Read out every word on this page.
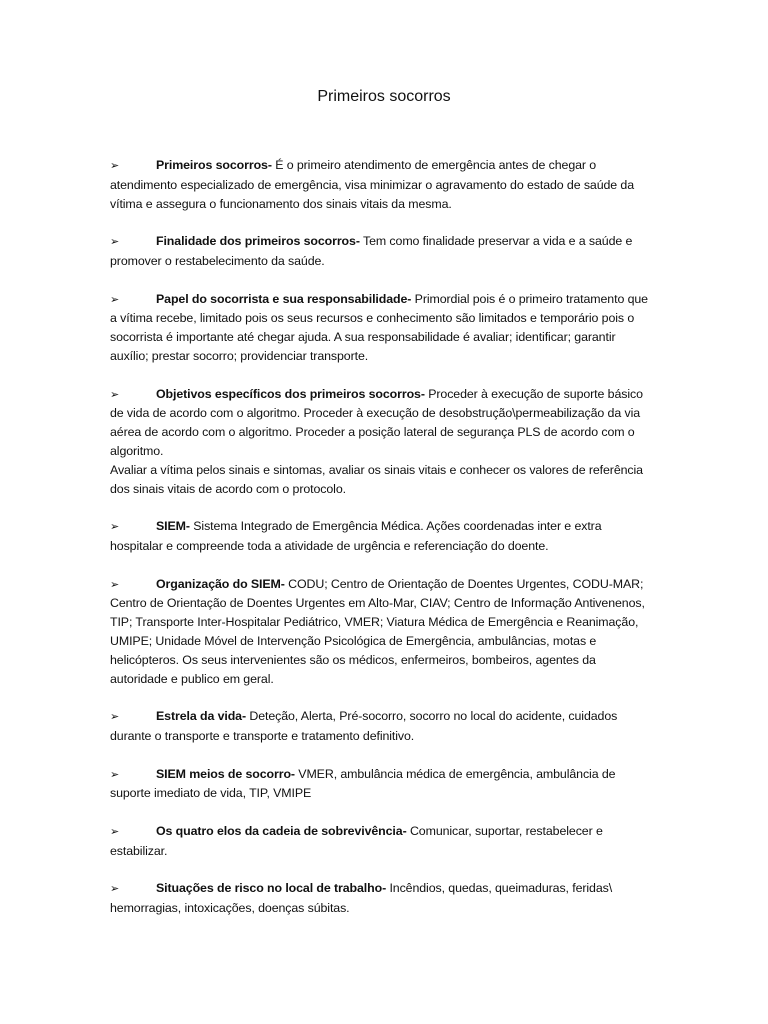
Primeiros socorros

➢	Primeiros socorros- É o primeiro atendimento de emergência antes de chegar o atendimento especializado de emergência, visa minimizar o agravamento do estado de saúde da vítima e assegura o funcionamento dos sinais vitais da mesma.

➢	Finalidade dos primeiros socorros- Tem como finalidade preservar a vida e a saúde e promover o restabelecimento da saúde.

➢	Papel do socorrista e sua responsabilidade- Primordial pois é o primeiro tratamento que a vítima recebe, limitado pois os seus recursos e conhecimento são limitados e temporário pois o socorrista é importante até chegar ajuda. A sua responsabilidade é avaliar; identificar; garantir auxílio; prestar socorro; providenciar transporte.

➢	Objetivos específicos dos primeiros socorros- Proceder à execução de suporte básico de vida de acordo com o algoritmo. Proceder à execução de desobstrução\permeabilização da via aérea de acordo com o algoritmo. Proceder a posição lateral de segurança PLS de acordo com o algoritmo.
Avaliar a vítima pelos sinais e sintomas, avaliar os sinais vitais e conhecer os valores de referência dos sinais vitais de acordo com o protocolo.

➢	SIEM- Sistema Integrado de Emergência Médica. Ações coordenadas inter e extra hospitalar e compreende toda a atividade de urgência e referenciação do doente.

➢	Organização do SIEM- CODU; Centro de Orientação de Doentes Urgentes, CODU-MAR; Centro de Orientação de Doentes Urgentes em Alto-Mar, CIAV; Centro de Informação Antivenenos, TIP; Transporte Inter-Hospitalar Pediátrico, VMER; Viatura Médica de Emergência e Reanimação, UMIPE; Unidade Móvel de Intervenção Psicológica de Emergência, ambulâncias, motas e helicópteros. Os seus intervenientes são os médicos, enfermeiros, bombeiros, agentes da autoridade e publico em geral.

➢	Estrela da vida- Deteção, Alerta, Pré-socorro, socorro no local do acidente, cuidados durante o transporte e transporte e tratamento definitivo.

➢	SIEM meios de socorro- VMER, ambulância médica de emergência, ambulância de suporte imediato de vida, TIP, VMIPE

➢	Os quatro elos da cadeia de sobrevivência- Comunicar, suportar, restabelecer e estabilizar.

➢	Situações de risco no local de trabalho- Incêndios, quedas, queimaduras, feridas\ hemorragias, intoxicações, doenças súbitas.
